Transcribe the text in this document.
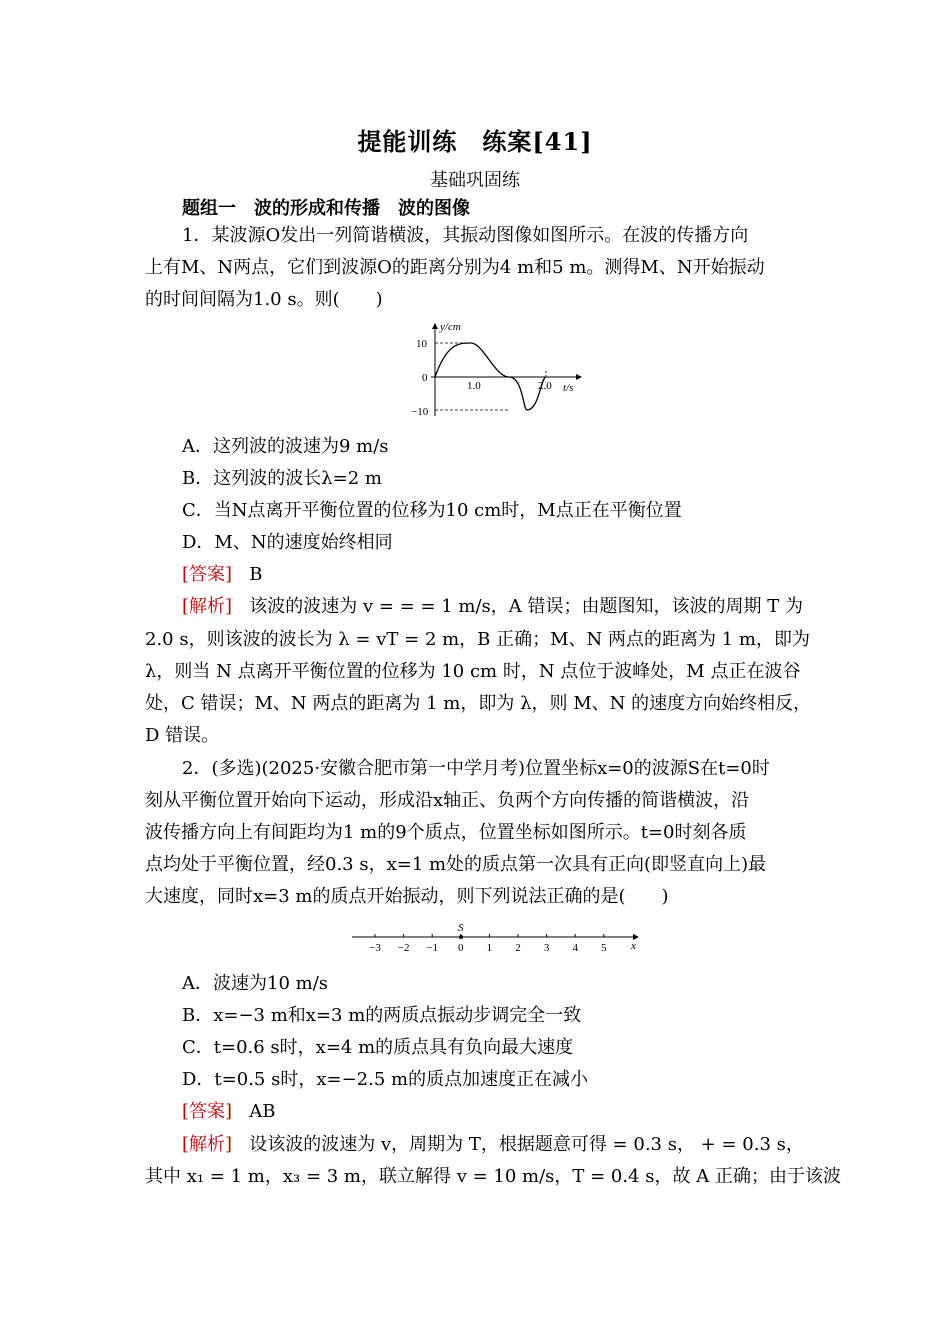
提能训练　练案[41]
基础巩固练
题组一　波的形成和传播　波的图像
1．某波源O发出一列简谐横波，其振动图像如图所示。在波的传播方向
上有M、N两点，它们到波源O的距离分别为4 m和5 m。测得M、N开始振动
的时间间隔为1.0 s。则(　　)
y/cm
t/s
10
0
−10
1.0	2.0
A．这列波的波速为9 m/s
B．这列波的波长λ=2 m
C．当N点离开平衡位置的位移为10 cm时，M点正在平衡位置
D．M、N的速度始终相同
[答案] B
[解析] 该波的波速为 v = = = 1 m/s，A 错误；由题图知，该波的周期 T 为
2.0 s，则该波的波长为 λ = vT = 2 m，B 正确；M、N 两点的距离为 1 m，即为
λ，则当 N 点离开平衡位置的位移为 10 cm 时，N 点位于波峰处，M 点正在波谷
处，C 错误；M、N 两点的距离为 1 m，即为 λ，则 M、N 的速度方向始终相反，
D 错误。
2．(多选)(2025·安徽合肥市第一中学月考)位置坐标x=0的波源S在t=0时
刻从平衡位置开始向下运动，形成沿x轴正、负两个方向传播的简谐横波，沿
波传播方向上有间距均为1 m的9个质点，位置坐标如图所示。t=0时刻各质
点均处于平衡位置，经0.3 s，x=1 m处的质点第一次具有正向(即竖直向上)最
大速度，同时x=3 m的质点开始振动，则下列说法正确的是(　　)
S
−3 −2 −1 0 1 2 3 4 5 x
A．波速为10 m/s
B．x=−3 m和x=3 m的两质点振动步调完全一致
C．t=0.6 s时，x=4 m的质点具有负向最大速度
D．t=0.5 s时，x=−2.5 m的质点加速度正在减小
[答案] AB
[解析] 设该波的波速为 v，周期为 T，根据题意可得 = 0.3 s， + = 0.3 s，
其中 x₁ = 1 m，x₃ = 3 m，联立解得 v = 10 m/s，T = 0.4 s，故 A 正确；由于该波
